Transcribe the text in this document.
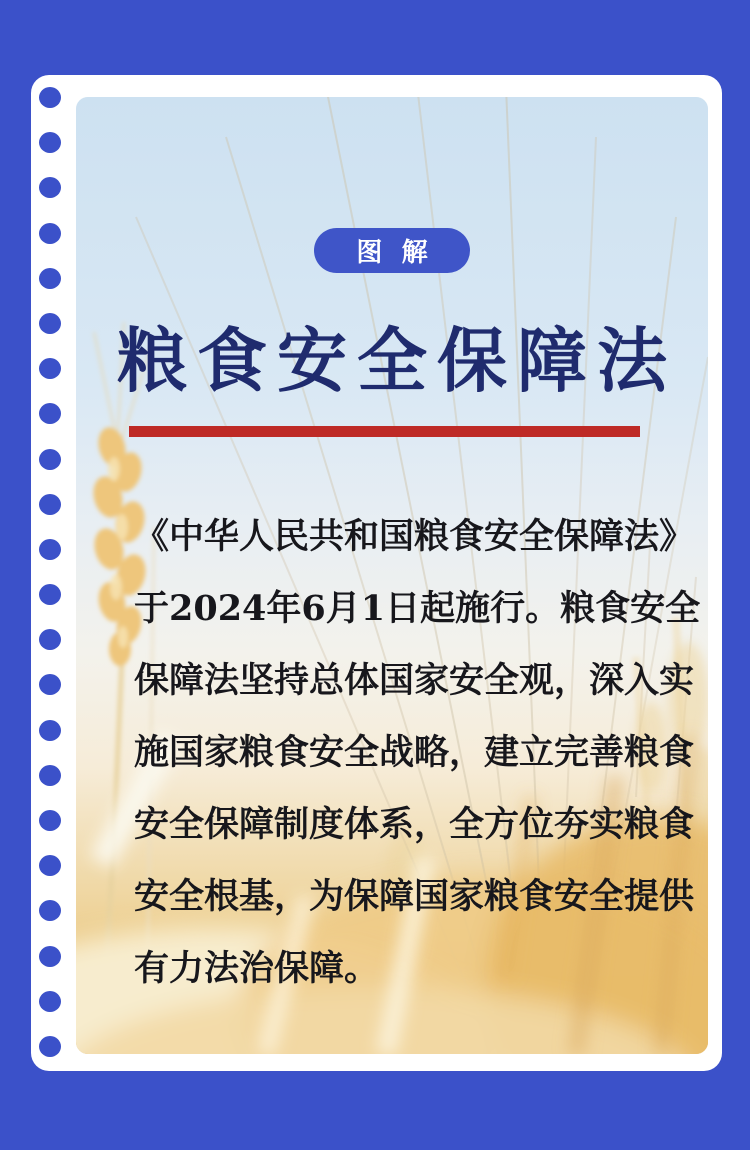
图 解
粮食安全保障法
《中华人民共和国粮食安全保障法》
于2024年6月1日起施行。粮食安全
保障法坚持总体国家安全观，深入实
施国家粮食安全战略，建立完善粮食
安全保障制度体系，全方位夯实粮食
安全根基，为保障国家粮食安全提供
有力法治保障。
